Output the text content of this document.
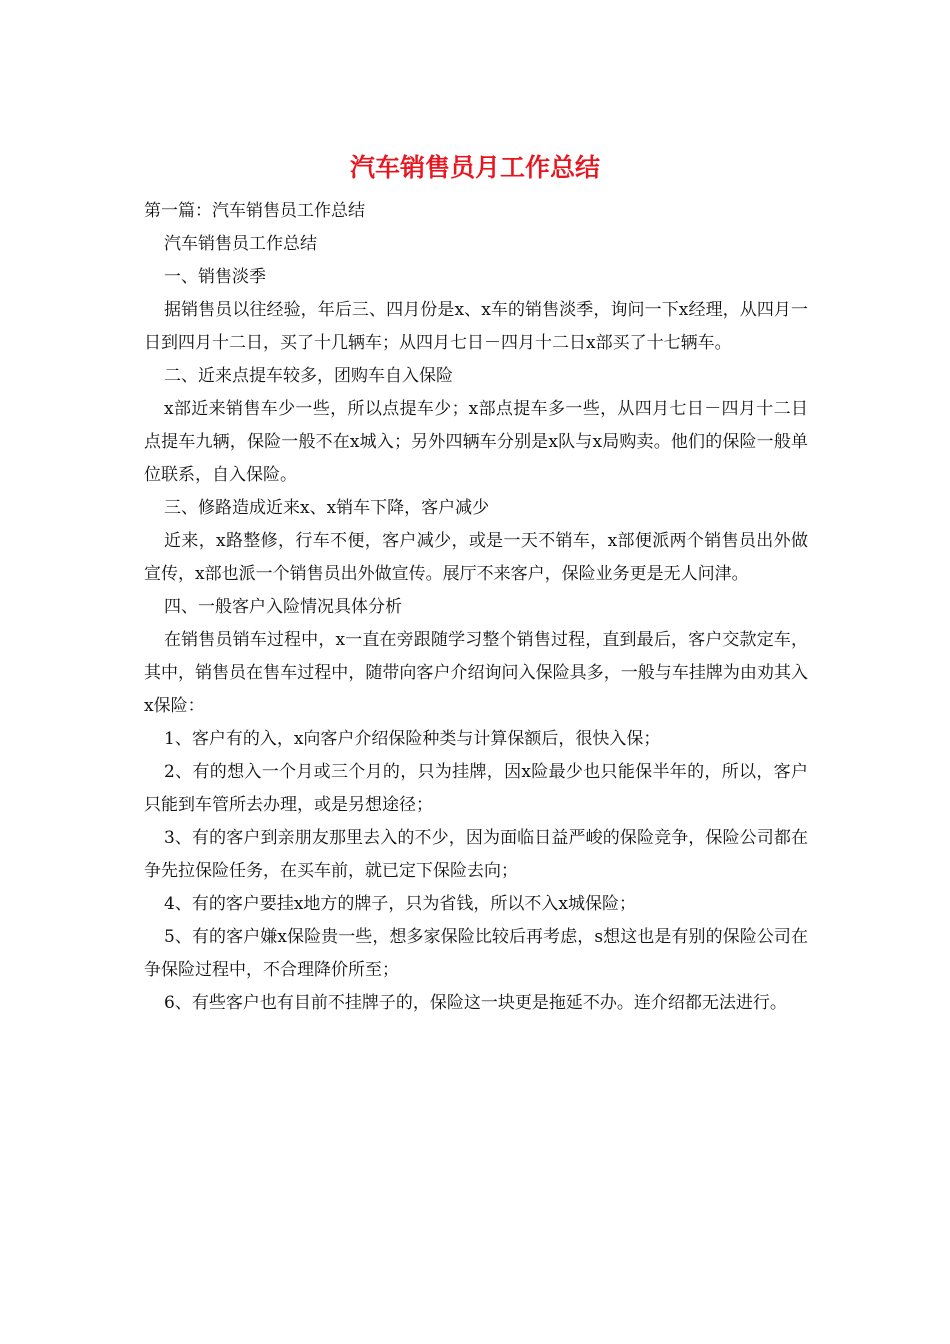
汽车销售员月工作总结

第一篇：汽车销售员工作总结

汽车销售员工作总结

一、销售淡季

据销售员以往经验，年后三、四月份是x、x车的销售淡季，询问一下x经理，从四月一日到四月十二日，买了十几辆车；从四月七日－四月十二日x部买了十七辆车。

二、近来点提车较多，团购车自入保险

x部近来销售车少一些，所以点提车少；x部点提车多一些，从四月七日－四月十二日点提车九辆，保险一般不在x城入；另外四辆车分别是x队与x局购卖。他们的保险一般单位联系，自入保险。

三、修路造成近来x、x销车下降，客户减少

近来，x路整修，行车不便，客户减少，或是一天不销车，x部便派两个销售员出外做宣传，x部也派一个销售员出外做宣传。展厅不来客户，保险业务更是无人问津。

四、一般客户入险情况具体分析

在销售员销车过程中，x一直在旁跟随学习整个销售过程，直到最后，客户交款定车，其中，销售员在售车过程中，随带向客户介绍询问入保险具多，一般与车挂牌为由劝其入x保险：

1、客户有的入，x向客户介绍保险种类与计算保额后，很快入保；

2、有的想入一个月或三个月的，只为挂牌，因x险最少也只能保半年的，所以，客户只能到车管所去办理，或是另想途径；

3、有的客户到亲朋友那里去入的不少，因为面临日益严峻的保险竞争，保险公司都在争先拉保险任务，在买车前，就已定下保险去向；

4、有的客户要挂x地方的牌子，只为省钱，所以不入x城保险；

5、有的客户嫌x保险贵一些，想多家保险比较后再考虑，s想这也是有别的保险公司在争保险过程中，不合理降价所至；

6、有些客户也有目前不挂牌子的，保险这一块更是拖延不办。连介绍都无法进行。
